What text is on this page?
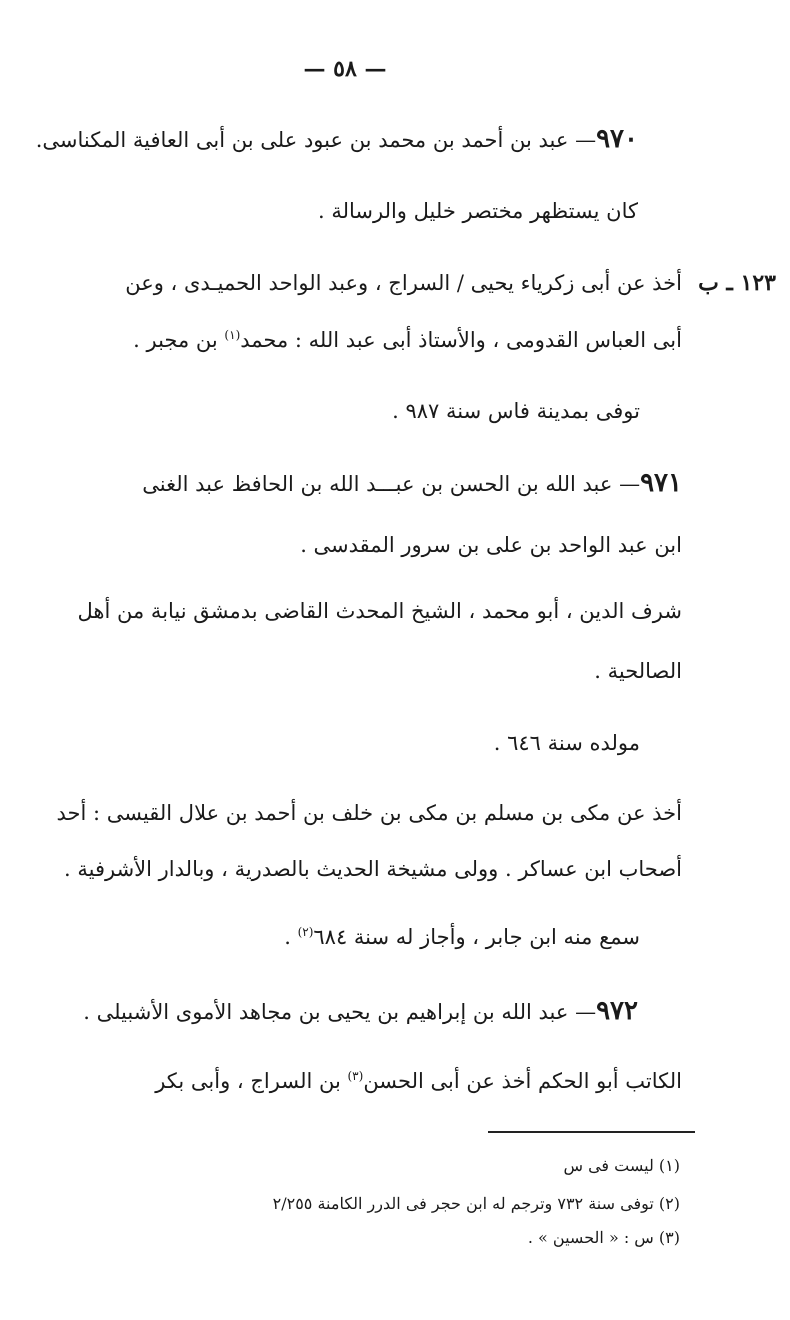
— ٥٨ —
١٢٣ ـ ب
٩٧٠— عبد بن أحمد بن محمد بن عبود على بن أبى العافية المكناسى.
كان يستظهر مختصر خليل والرسالة .
أخذ عن أبى زكرياء يحيى / السراج ، وعبد الواحد الحميـدى ، وعن
أبى العباس القدومى ، والأستاذ أبى عبد الله : محمد$^{(١)}$ بن مجبر .
توفى بمدينة فاس سنة ٩٨٧ .
٩٧١— عبد الله بن الحسن بن عبـــد الله بن الحافظ عبد الغنى
ابن عبد الواحد بن على بن سرور المقدسى .
شرف الدين ، أبو محمد ، الشيخ المحدث القاضى بدمشق نيابة من أهل
الصالحية .
مولده سنة ٦٤٦ .
أخذ عن مكى بن مسلم بن مكى بن خلف بن أحمد بن علال القيسى : أحد
أصحاب ابن عساكر . وولى مشيخة الحديث بالصدرية ، وبالدار الأشرفية .
سمع منه ابن جابر ، وأجاز له سنة ٦٨٤$^{(٢)}$ .
٩٧٢— عبد الله بن إبراهيم بن يحيى بن مجاهد الأموى الأشبيلى .
الكاتب أبو الحكم أخذ عن أبى الحسن$^{(٣)}$ بن السراج ، وأبى بكر
(١) ليست فى س
(٢) توفى سنة ٧٣٢ وترجم له ابن حجر فى الدرر الكامنة ٢/٢٥٥
(٣) س : « الحسين » .
